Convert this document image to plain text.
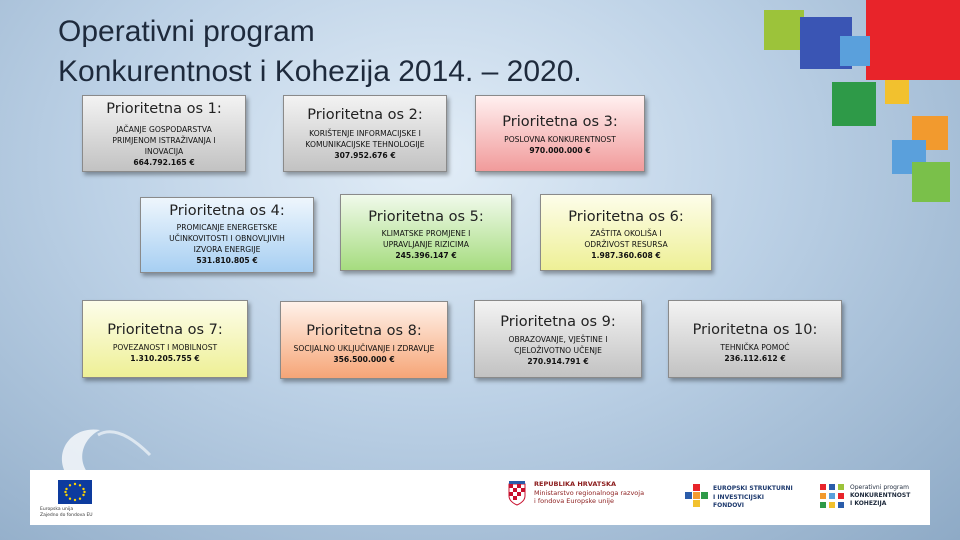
Operativni program
Konkurentnost i Kohezija 2014. – 2020.
Prioritetna os 1:
JAČANJE GOSPODARSTVA PRIMJENOM ISTRAŽIVANJA I INOVACIJA
664.792.165 €
Prioritetna os 2:
KORIŠTENJE INFORMACIJSKE I KOMUNIKACIJSKE TEHNOLOGIJE
307.952.676 €
Prioritetna os 3:
POSLOVNA KONKURENTNOST
970.000.000 €
Prioritetna os 4:
PROMICANJE ENERGETSKE UČINKOVITOSTI I OBNOVLJIVIH IZVORA ENERGIJE
531.810.805 €
Prioritetna os 5:
KLIMATSKE PROMJENE I UPRAVLJANJE RIZICIMA
245.396.147 €
Prioritetna os 6:
ZAŠTITA OKOLIŠA I ODRŽIVOST RESURSA
1.987.360.608 €
Prioritetna os 7:
POVEZANOST I MOBILNOST
1.310.205.755 €
Prioritetna os 8:
SOCIJALNO UKLJUČIVANJE I ZDRAVLJE
356.500.000 €
Prioritetna os 9:
OBRAZOVANJE, VJEŠTINE I CJELOŽIVOTNO UČENJE
270.914.791 €
Prioritetna os 10:
TEHNIČKA POMOĆ
236.112.612 €
Europska unija
Zajedno do fondova EU
REPUBLIKA HRVATSKA
Ministarstvo regionalnoga razvoja
i fondova Europske unije
EUROPSKI STRUKTURNI
I INVESTICIJSKI FONDOVI
Operativni program
KONKURENTNOST
I KOHEZIJA
